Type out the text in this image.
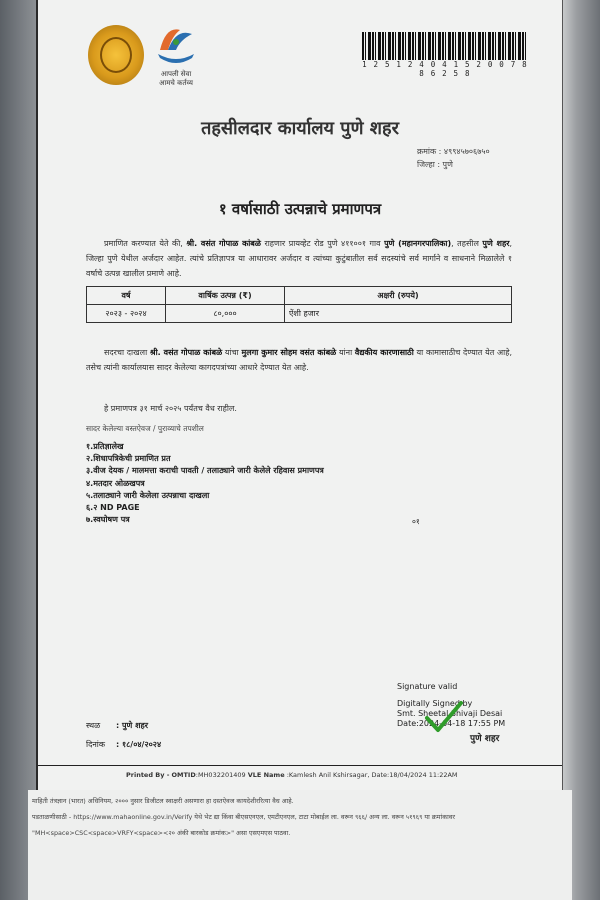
आपली सेवा
आमचे कर्तव्य
1 2 5 1 2 4 0 4 1 5 2 0 0 7 8 8 6 2 5 8
तहसीलदार कार्यालय पुणे शहर
क्रमांक : ४९९४५७०६७५०
जिल्हा : पुणे
१ वर्षासाठी उत्पन्नाचे प्रमाणपत्र
प्रमाणित करण्यात येते की, श्री. वसंत गोपाळ कांबळे राहणार प्रायव्हेट रोड पुणे ४११००१ गाव पुणे (महानगरपालिका), तहसील पुणे शहर, जिल्हा पुणे येथील अर्जदार आहेत. त्यांचे प्रतिज्ञापत्र या आधारावर अर्जदार व त्यांच्या कुटुंबातील सर्व सदस्यांचे सर्व मार्गाने व साधनाने मिळालेले १ वर्षाचे उत्पन्न खालील प्रमाणे आहे.
वर्ष	वार्षिक उत्पन्न (₹)	अक्षरी (रुपये)
२०२३ - २०२४	८०,०००	ऐंशी हजार
सदरचा दाखला श्री. वसंत गोपाळ कांबळे यांचा मुलगा कुमार सोहम वसंत कांबळे यांना वैद्यकीय कारणासाठी या कामासाठीच देण्यात येत आहे, तसेच त्यांनी कार्यालयास सादर केलेल्या कागदपत्रांच्या आधारे देण्यात येत आहे.
हे प्रमाणपत्र ३१ मार्च २०२५ पर्यंतच वैध राहील.
सादर केलेल्या वस्तऐवज / पुराव्याचे तपशील
१.प्रतिज्ञालेख
२.शिधापत्रिकेची प्रमाणित प्रत
३.वीज देयक / मालमत्ता कराची पावती / तलाठ्याने जारी केलेले रहिवास प्रमाणपत्र
४.मतदार ओळखपत्र
५.तलाठ्याने जारी केलेला उत्पन्नाचा दाखला
६.२ ND PAGE
७.स्वघोषण पत्र	०१
Signature valid
Digitally Signed by
Smt. Sheetal Shivaji Desai
Date:2024-04-18 17:55 PM
पुणे शहर
स्थळ : पुणे शहर
दिनांक : १८/०४/२०२४
Printed By - OMTID:MH032201409 VLE Name :Kamlesh Anil Kshirsagar, Date:18/04/2024 11:22AM
माहिती तंत्रज्ञान (भारत) अधिनियम, २००० नुसार डिजीटल स्वाक्षरी असणारा हा दस्तऐवज कायदेशीररित्या वैध आहे.
पडताळणीसाठी - https://www.mahaonline.gov.in/Verify येथे भेट द्या किंवा बीएसएनएल, एमटीएनएल, टाटा मोबाईल ला. वरून ९६६/ अन्य ला. वरून ५१९६९ या क्रमांकावर
"MH<space>CSC<space>VRFY<space><२० अंकी बारकोड क्रमांक>" असा एसएमएस पाठवा.
